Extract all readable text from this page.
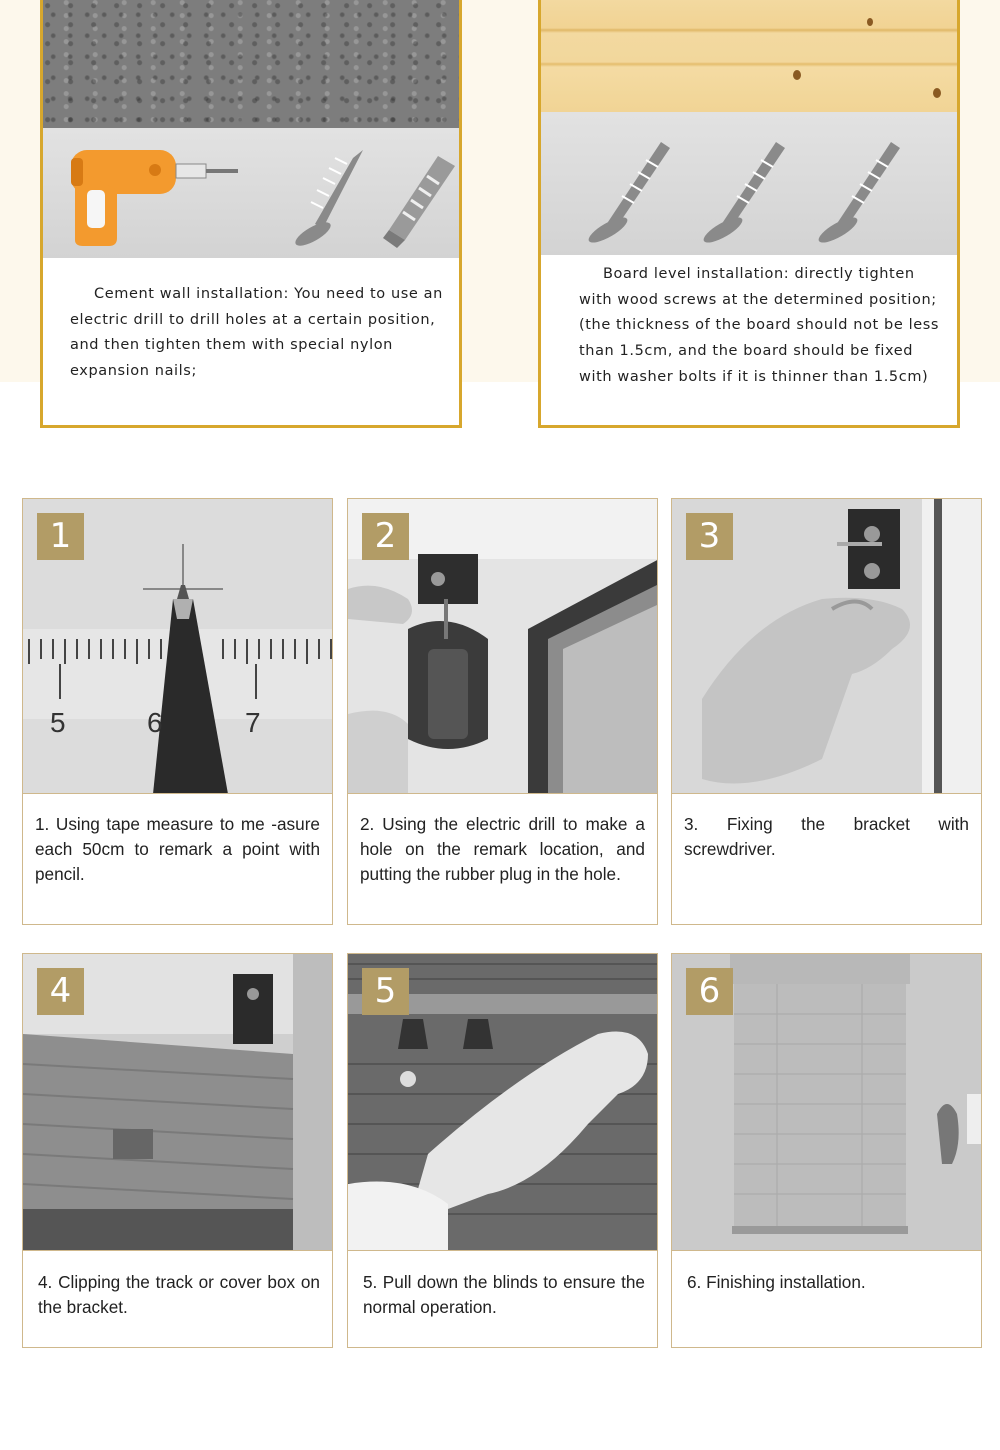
Cement wall installation: You need to use an electric drill to drill holes at a certain position, and then tighten them with special nylon expansion nails;
Board level installation: directly tighten with wood screws at the determined position; (the thickness of the board should not be less than 1.5cm, and the board should be fixed with washer bolts if it is thinner than 1.5cm)
5	6	7
1
1. Using tape measure to me -asure each 50cm to remark a point with pencil.
2
2. Using the electric drill to make a hole on the remark location, and putting the rubber plug in the hole.
3
3. Fixing the bracket with screwdriver.
4
4. Clipping the track or cover box on the bracket.
5
5. Pull down the blinds to ensure the normal operation.
6
6. Finishing installation.
